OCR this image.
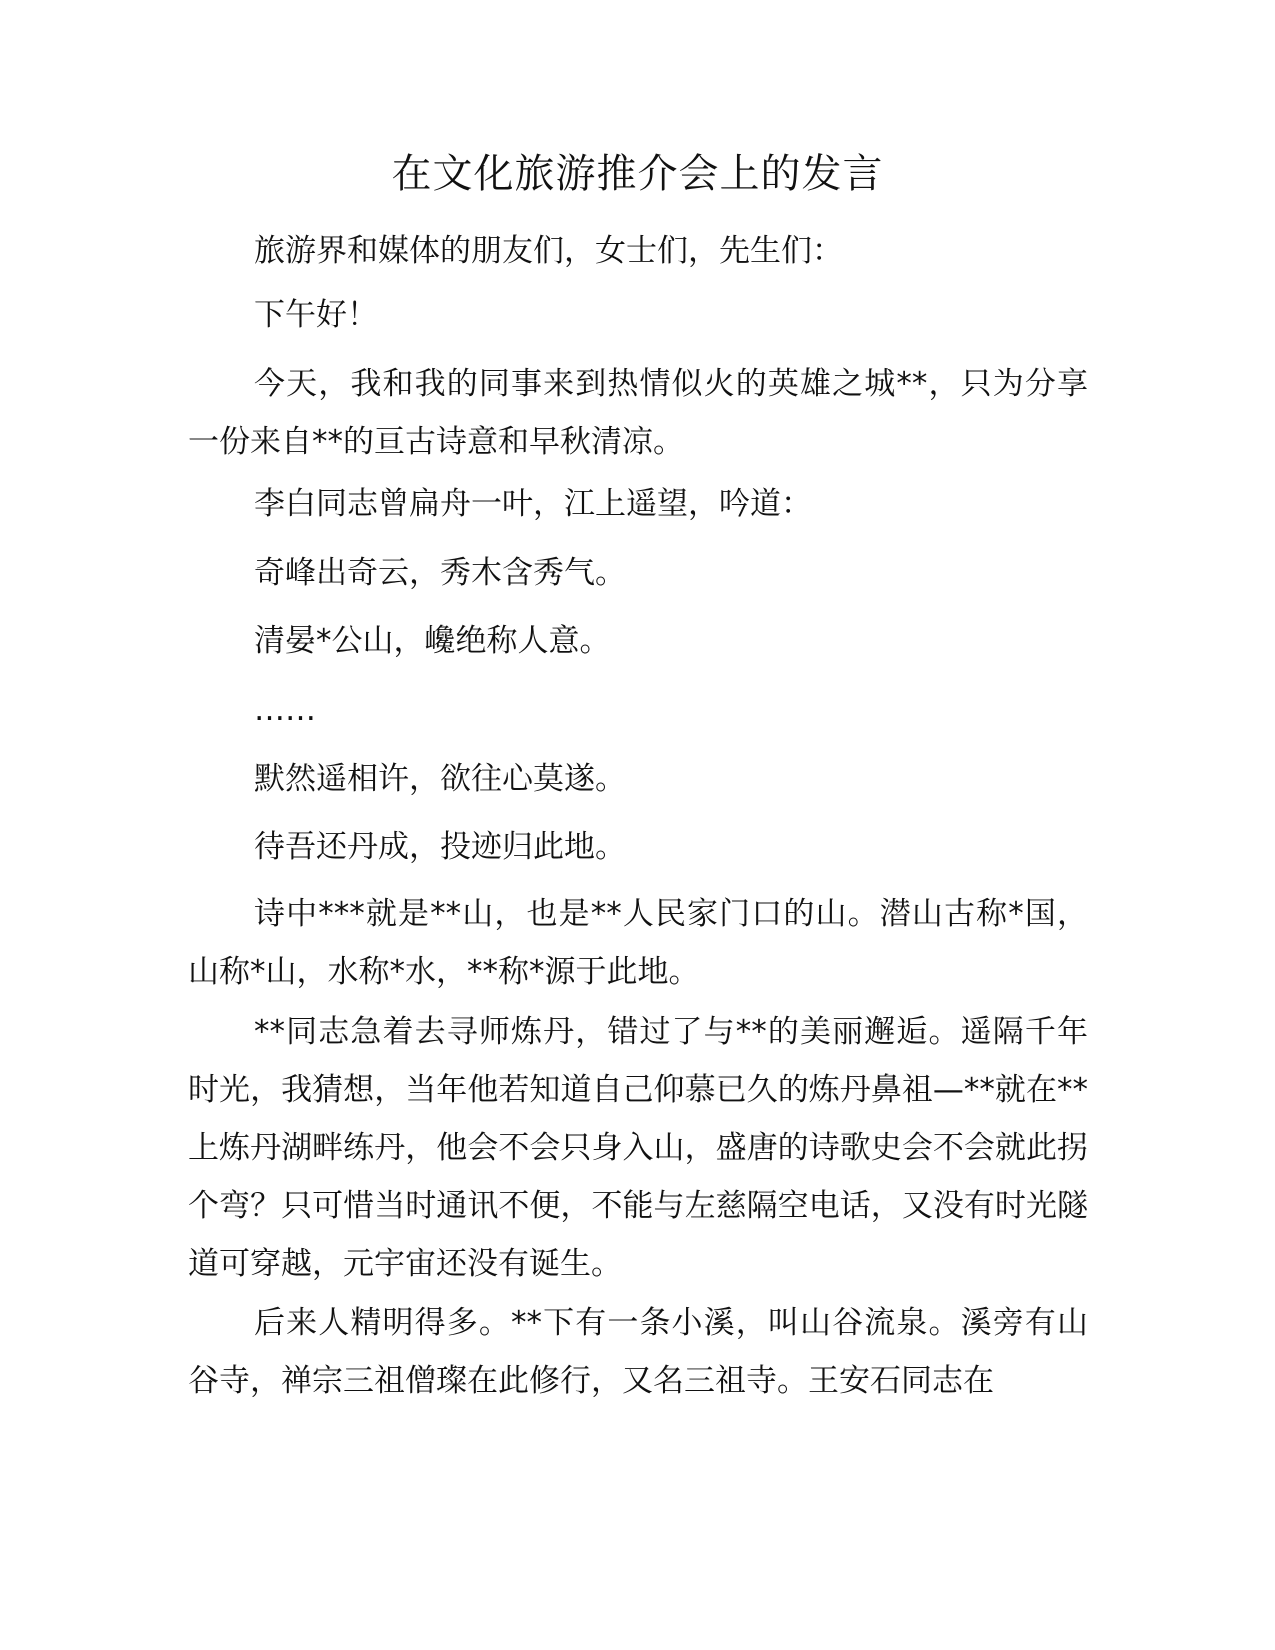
在文化旅游推介会上的发言

旅游界和媒体的朋友们，女士们，先生们：

下午好！

今天，我和我的同事来到热情似火的英雄之城**，只为分享一份来自**的亘古诗意和早秋清凉。

李白同志曾扁舟一叶，江上遥望，吟道：

奇峰出奇云，秀木含秀气。

清晏*公山，巉绝称人意。

……

默然遥相许，欲往心莫遂。

待吾还丹成，投迹归此地。

诗中***就是**山，也是**人民家门口的山。潜山古称*国，山称*山，水称*水，**称*源于此地。

**同志急着去寻师炼丹，错过了与**的美丽邂逅。遥隔千年时光，我猜想，当年他若知道自己仰慕已久的炼丹鼻祖—**就在**上炼丹湖畔练丹，他会不会只身入山，盛唐的诗歌史会不会就此拐个弯？只可惜当时通讯不便，不能与左慈隔空电话，又没有时光隧道可穿越，元宇宙还没有诞生。

后来人精明得多。**下有一条小溪，叫山谷流泉。溪旁有山谷寺，禅宗三祖僧璨在此修行，又名三祖寺。王安石同志在
